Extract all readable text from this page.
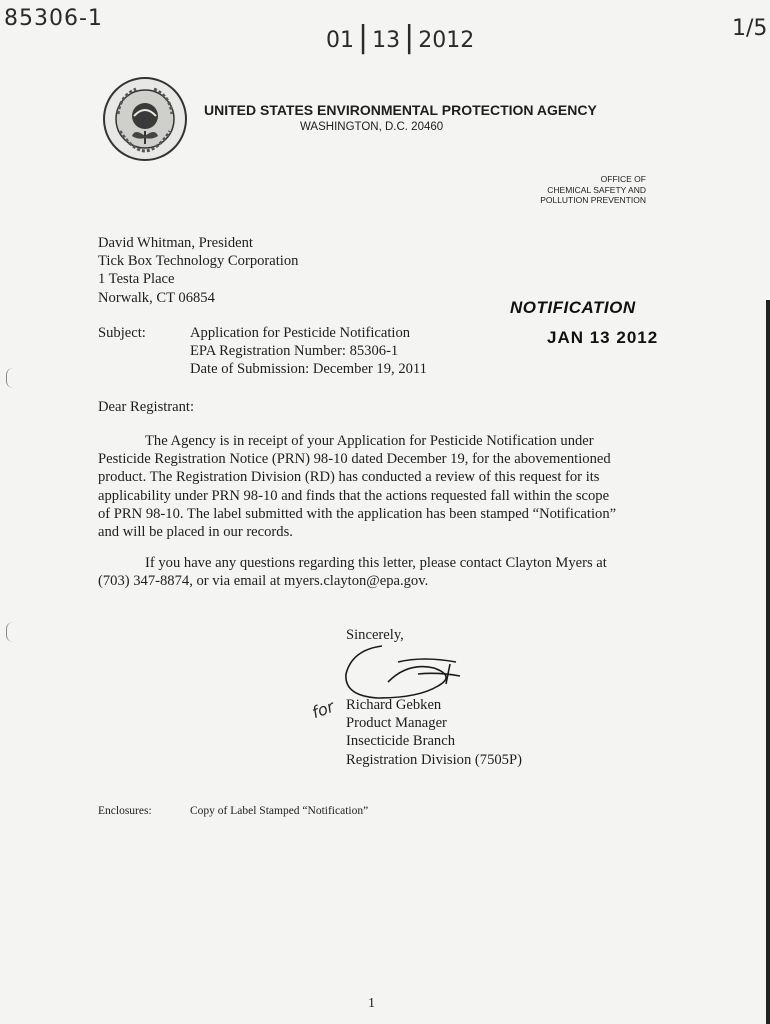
85306-1
01 | 13 | 2012	1/5
UNITED STATES ENVIRONMENTAL PROTECTION AGENCY
WASHINGTON, D.C. 20460
OFFICE OF
CHEMICAL SAFETY AND
POLLUTION PREVENTION
David Whitman, President
Tick Box Technology Corporation
1 Testa Place
Norwalk, CT 06854
NOTIFICATION
JAN 13 2012
Subject:	Application for Pesticide Notification
EPA Registration Number: 85306-1
Date of Submission: December 19, 2011
Dear Registrant:
The Agency is in receipt of your Application for Pesticide Notification under
Pesticide Registration Notice (PRN) 98-10 dated December 19, for the abovementioned
product. The Registration Division (RD) has conducted a review of this request for its
applicability under PRN 98-10 and finds that the actions requested fall within the scope
of PRN 98-10. The label submitted with the application has been stamped “Notification”
and will be placed in our records.
If you have any questions regarding this letter, please contact Clayton Myers at
(703) 347-8874, or via email at myers.clayton@epa.gov.
Sincerely,
for Richard Gebken
Product Manager
Insecticide Branch
Registration Division (7505P)
Enclosures:	Copy of Label Stamped “Notification”
1
